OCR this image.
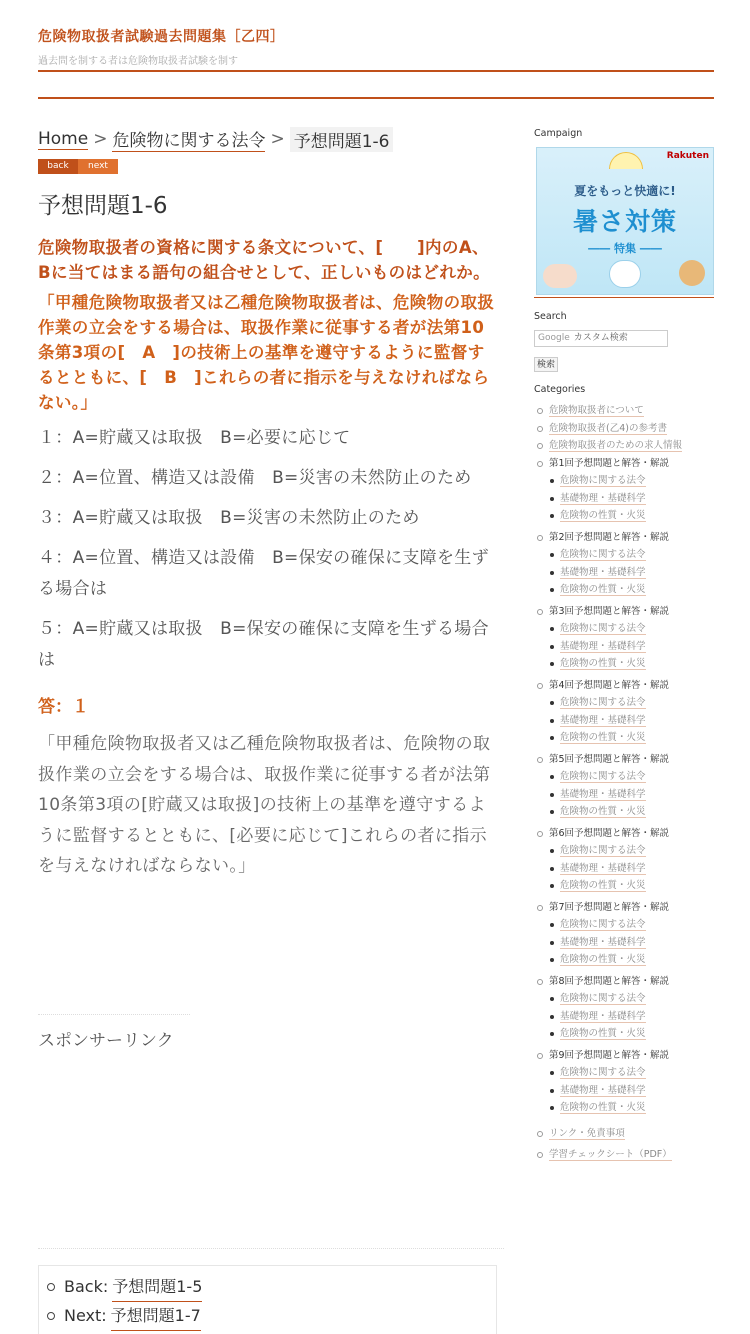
危険物取扱者試験過去問題集［乙四］
過去問を制する者は危険物取扱者試験を制す
Home > 危険物に関する法令 > 予想問題1-6
back	next
予想問題1-6

危険物取扱者の資格に関する条文について、[　　]内のA、Bに当てはまる語句の組合せとして、正しいものはどれか。

「甲種危険物取扱者又は乙種危険物取扱者は、危険物の取扱作業の立会をする場合は、取扱作業に従事する者が法第10条第3項の[　A　]の技術上の基準を遵守するように監督するとともに、[　B　]これらの者に指示を与えなければならない。」

１：A=貯蔵又は取扱　B=必要に応じて

２：A=位置、構造又は設備　B=災害の未然防止のため

３：A=貯蔵又は取扱　B=災害の未然防止のため

４：A=位置、構造又は設備　B=保安の確保に支障を生ずる場合は

５：A=貯蔵又は取扱　B=保安の確保に支障を生ずる場合は

答：１

「甲種危険物取扱者又は乙種危険物取扱者は、危険物の取扱作業の立会をする場合は、取扱作業に従事する者が法第10条第3項の[貯蔵又は取扱]の技術上の基準を遵守するように監督するとともに、[必要に応じて]これらの者に指示を与えなければならない。」

スポンサーリンク
Back: 予想問題1-5
Next: 予想問題1-7
Campaign
Rakuten
夏をもっと快適に!
暑さ対策
―― 特集 ――
Search
Google カスタム検索
検索
Categories
危険物取扱者について
危険物取扱者(乙4)の参考書
危険物取扱者のための求人情報
第1回予想問題と解答・解説
危険物に関する法令
基礎物理・基礎科学
危険物の性質・火災
第2回予想問題と解答・解説
危険物に関する法令
基礎物理・基礎科学
危険物の性質・火災
第3回予想問題と解答・解説
危険物に関する法令
基礎物理・基礎科学
危険物の性質・火災
第4回予想問題と解答・解説
危険物に関する法令
基礎物理・基礎科学
危険物の性質・火災
第5回予想問題と解答・解説
危険物に関する法令
基礎物理・基礎科学
危険物の性質・火災
第6回予想問題と解答・解説
危険物に関する法令
基礎物理・基礎科学
危険物の性質・火災
第7回予想問題と解答・解説
危険物に関する法令
基礎物理・基礎科学
危険物の性質・火災
第8回予想問題と解答・解説
危険物に関する法令
基礎物理・基礎科学
危険物の性質・火災
第9回予想問題と解答・解説
危険物に関する法令
基礎物理・基礎科学
危険物の性質・火災
リンク・免責事項
学習チェックシート（PDF）
